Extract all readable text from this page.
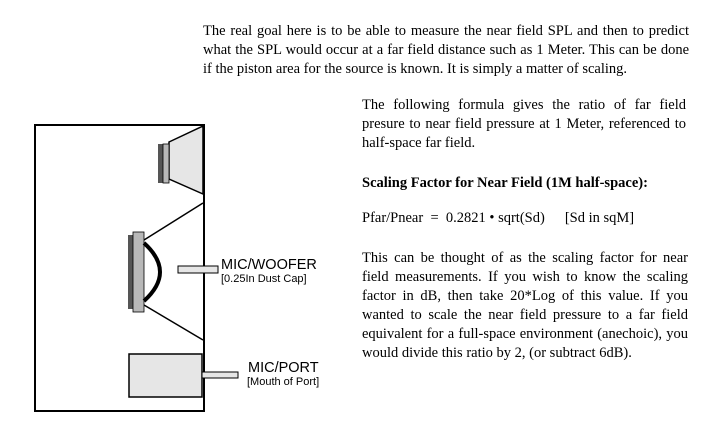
The real goal here is to be able to measure the near field SPL and then to predict what the SPL would occur at a far field distance such as 1 Meter. This can be done if the piston area for the source is known. It is simply a matter of scaling.

The following formula gives the ratio of far field presure to near field pressure at 1 Meter, referenced to half-space far field.

Scaling Factor for Near Field (1M half-space):

Pfar/Pnear  =  0.2821 • sqrt(Sd) [Sd in sqM]

This can be thought of as the scaling factor for near field measurements. If you wish to know the scaling factor in dB, then take 20*Log of this value. If you wanted to scale the near field pressure to a far field equivalent for a full-space environment (anechoic), you would divide this ratio by 2, (or subtract 6dB).

MIC/WOOFER
[0.25In Dust Cap]
MIC/PORT
[Mouth of Port]
